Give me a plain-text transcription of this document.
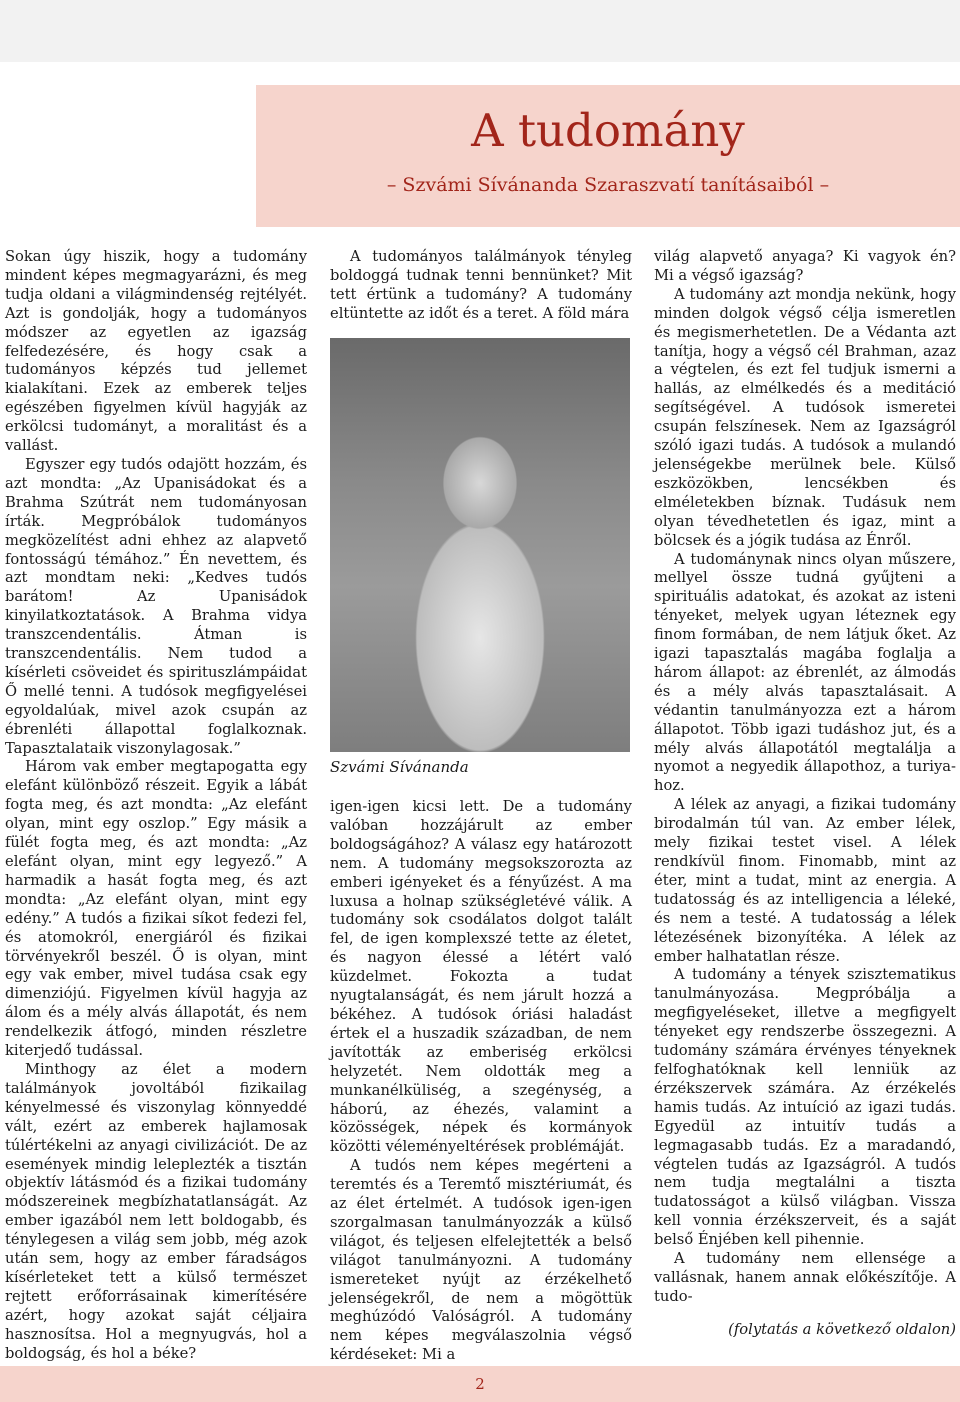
A tudomány

– Szvámi Sívánanda Szaraszvatí tanításaiból –

Sokan úgy hiszik, hogy a tudomány mindent képes megmagyarázni, és meg tudja oldani a világmindenség rejtélyét. Azt is gondolják, hogy a tudományos módszer az egyetlen az igazság felfedezésére, és hogy csak a tudományos képzés tud jellemet kialakítani. Ezek az emberek teljes egészében figyelmen kívül hagyják az erkölcsi tudományt, a moralitást és a vallást.

Egyszer egy tudós odajött hozzám, és azt mondta: „Az Upanisádokat és a Brahma Szútrát nem tudományosan írták. Megpróbálok tudományos megközelítést adni ehhez az alapvető fontosságú témához.” Én nevettem, és azt mondtam neki: „Kedves tudós barátom! Az Upanisádok kinyilatkoztatások. A Brahma vidya transzcendentális. Átman is transzcendentális. Nem tudod a kísérleti csöveidet és spirituszlámpáidat Ő mellé tenni. A tudósok megfigyelései egyoldalúak, mivel azok csupán az ébrenléti állapottal foglalkoznak. Tapasztalataik viszonylagosak.”

Három vak ember megtapogatta egy elefánt különböző részeit. Egyik a lábát fogta meg, és azt mondta: „Az elefánt olyan, mint egy oszlop.” Egy másik a fülét fogta meg, és azt mondta: „Az elefánt olyan, mint egy legyező.” A harmadik a hasát fogta meg, és azt mondta: „Az elefánt olyan, mint egy edény.” A tudós a fizikai síkot fedezi fel, és atomokról, energiáról és fizikai törvényekről beszél. Ő is olyan, mint egy vak ember, mivel tudása csak egy dimenziójú. Figyelmen kívül hagyja az álom és a mély alvás állapotát, és nem rendelkezik átfogó, minden részletre kiterjedő tudással.

Minthogy az élet a modern találmányok jovoltából fizikailag kényelmessé és viszonylag könnyeddé vált, ezért az emberek hajlamosak túlértékelni az anyagi civilizációt. De az események mindig leleplezték a tisztán objektív látásmód és a fizikai tudomány módszereinek megbízhatatlanságát. Az ember igazából nem lett boldogabb, és ténylegesen a világ sem jobb, még azok után sem, hogy az ember fáradságos kísérleteket tett a külső természet rejtett erőforrásainak kimerítésére azért, hogy azokat saját céljaira hasznosítsa. Hol a megnyugvás, hol a boldogság, és hol a béke?

A tudományos találmányok tényleg boldoggá tudnak tenni bennünket? Mit tett értünk a tudomány? A tudomány eltüntette az időt és a teret. A föld mára

Szvámi Sívánanda

igen-igen kicsi lett. De a tudomány valóban hozzájárult az ember boldogságához? A válasz egy határozott nem. A tudomány megsokszorozta az emberi igényeket és a fényűzést. A ma luxusa a holnap szükségletévé válik. A tudomány sok csodálatos dolgot talált fel, de igen komplexszé tette az életet, és nagyon élessé a létért való küzdelmet. Fokozta a tudat nyugtalanságát, és nem járult hozzá a békéhez. A tudósok óriási haladást értek el a huszadik században, de nem javították az emberiség erkölcsi helyzetét. Nem oldották meg a munkanélküliség, a szegénység, a háború, az éhezés, valamint a közösségek, népek és kormányok közötti véleményeltérések problémáját.

A tudós nem képes megérteni a teremtés és a Teremtő misztériumát, és az élet értelmét. A tudósok igen-igen szorgalmasan tanulmányozzák a külső világot, és teljesen elfelejtették a belső világot tanulmányozni. A tudomány ismereteket nyújt az érzékelhető jelenségekről, de nem a mögöttük meghúzódó Valóságról. A tudomány nem képes megválaszolnia végső kérdéseket: Mi a

világ alapvető anyaga? Ki vagyok én? Mi a végső igazság?

A tudomány azt mondja nekünk, hogy minden dolgok végső célja ismeretlen és megismerhetetlen. De a Védanta azt tanítja, hogy a végső cél Brahman, azaz a végtelen, és ezt fel tudjuk ismerni a hallás, az elmélkedés és a meditáció segítségével. A tudósok ismeretei csupán felszínesek. Nem az Igazságról szóló igazi tudás. A tudósok a mulandó jelenségekbe merülnek bele. Külső eszközökben, lencsékben és elméletekben bíznak. Tudásuk nem olyan tévedhetetlen és igaz, mint a bölcsek és a jógik tudása az Énről.

A tudománynak nincs olyan műszere, mellyel össze tudná gyűjteni a spirituális adatokat, és azokat az isteni tényeket, melyek ugyan léteznek egy finom formában, de nem látjuk őket. Az igazi tapasztalás magába foglalja a három állapot: az ébrenlét, az álmodás és a mély alvás tapasztalásait. A védantin tanulmányozza ezt a három állapotot. Több igazi tudáshoz jut, és a mély alvás állapotától megtalálja a nyomot a negyedik állapothoz, a turiya-hoz.

A lélek az anyagi, a fizikai tudomány birodalmán túl van. Az ember lélek, mely fizikai testet visel. A lélek rendkívül finom. Finomabb, mint az éter, mint a tudat, mint az energia. A tudatosság és az intelligencia a léleké, és nem a testé. A tudatosság a lélek létezésének bizonyítéka. A lélek az ember halhatatlan része.

A tudomány a tények szisztematikus tanulmányozása. Megpróbálja a megfigyeléseket, illetve a megfigyelt tényeket egy rendszerbe összegezni. A tudomány számára érvényes tényeknek felfoghatóknak kell lenniük az érzékszervek számára. Az érzékelés hamis tudás. Az intuíció az igazi tudás. Egyedül az intuitív tudás a legmagasabb tudás. Ez a maradandó, végtelen tudás az Igazságról. A tudós nem tudja megtalálni a tiszta tudatosságot a külső világban. Vissza kell vonnia érzékszerveit, és a saját belső Énjében kell pihennie.

A tudomány nem ellensége a vallásnak, hanem annak előkészítője. A tudo-

(folytatás a következő oldalon)

2
